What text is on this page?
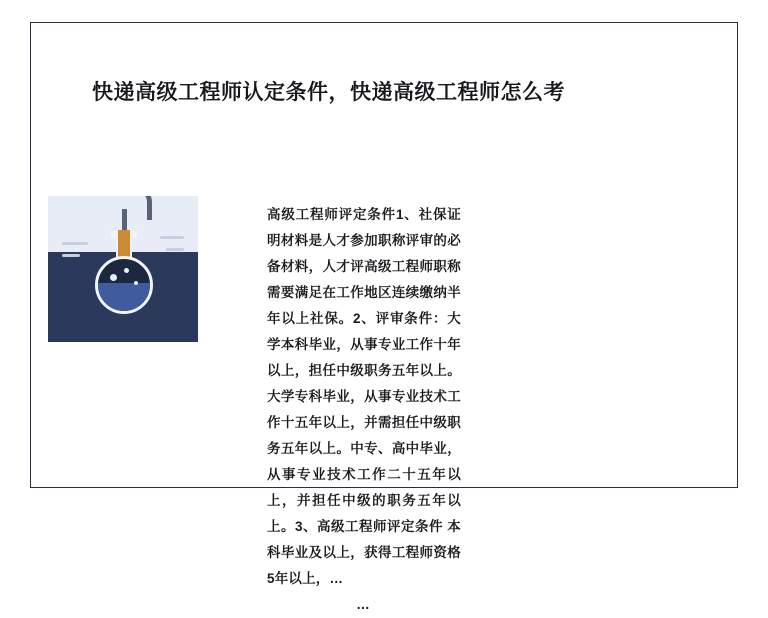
快递高级工程师认定条件，快递高级工程师怎么考
高级工程师评定条件1、社保证明材料是人才参加职称评审的必备材料，人才评高级工程师职称需要满足在工作地区连续缴纳半年以上社保。2、评审条件：大学本科毕业，从事专业工作十年以上，担任中级职务五年以上。大学专科毕业，从事专业技术工作十五年以上，并需担任中级职务五年以上。中专、高中毕业，从事专业技术工作二十五年以上，并担任中级的职务五年以上。3、高级工程师评定条件 本科毕业及以上，获得工程师资格5年以上，…
…
